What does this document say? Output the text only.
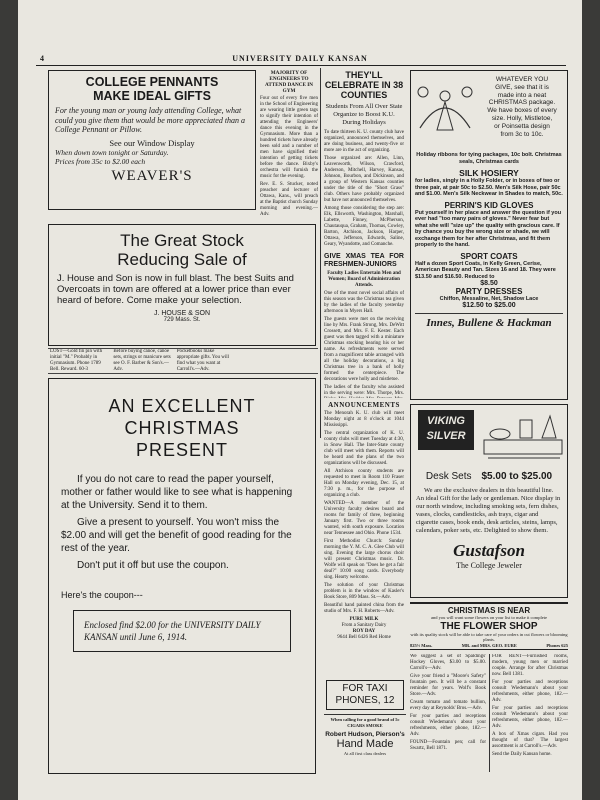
4	UNIVERSITY DAILY KANSAN
COLLEGE PENNANTS
MAKE IDEAL GIFTS
For the young man or young lady attending College, what could you give them that would be more appreciated than a College Pennant or Pillow.
See our Window Display
When down town tonight or Saturday.
Prices from 35c to $2.00 each
WEAVER'S
MAJORITY OF ENGINEERS TO ATTEND DANCE IN GYM

Four out of every five men in the School of Engineering are wearing little green tags to signify their intention of attending the Engineers' dance this evening in the Gymnasium. More than a hundred tickets have already been sold and a number of men have signified their intention of getting tickets before the dance. Bixby's orchestra will furnish the music for the evening.

Rev. E. S. Stucker, noted preacher and lecturer of Ottawa, Kans., will preach at the Baptist church Sunday morning and evening.—Adv.

THEY'LL CELEBRATE IN 38 COUNTIES
Students From All Over State Organize to Boost K.U. During Holidays

To date thirteen K. U. county club have organized, announced themselves, and are doing business, and twenty-five or more are in the act of organizing.

Those organized are: Allen, Linn, Leavenworth, Wilson, Crawford, Anderson, Mitchell, Harvey, Kansas, Johnson, Bourbon, and Dickinson, and a group of Western Kansas counties under the title of the "Short Grass" club. Others have probably organized but have not announced themselves.

Among those considering the step are: Elk, Ellsworth, Washington, Marshall, Labette, Finney, McPherson, Chautauqua, Graham, Thomas, Cowley, Barton, Atchison, Jackson, Harper, Ottawa, Jefferson, Edwards, Saline, Geary, Wyandotte, and Comanche.

GIVE XMAS TEA FOR FRESHMEN-JUNIORS
Faculty Ladies Entertain Men and Women; Board of Administration Attends.

One of the most novel social affairs of this season was the Christmas tea given by the ladies of the faculty yesterday afternoon in Myers Hall.

The guests were met on the receiving line by Mrs. Frank Strong, Mrs. DeWitt Crossett, and Mrs. F. E. Kester. Each guest was then tagged with a miniature Christmas stocking bearing his or her name. As refreshments were served from a magnificent table arranged with all the holiday decorations, a big Christmas tree in a bank of holly formed the centerpiece. The decorations were holly and mistletoe.

The ladies of the faculty who assisted in the serving were: Mrs. Thorpe, Mrs.

WHATEVER YOU
GIVE, see that it is
made into a neat
CHRISTMAS package.
We have boxes of every
size. Holly, Mistletoe,
or Poinsetta design
from 3c to 10c.
Holiday ribbons for tying packages, 10c bolt. Christmas seals, Christmas cards
SILK HOSIERY
for ladies, singly in a Holly Folder, or in boxes of two or three pair, at pair 50c to $2.50. Men's Silk Hose, pair 50c and $1.00. Men's Silk Neckwear in Shades to match, 50c.
PERRIN'S KID GLOVES
Put yourself in her place and answer the question if you ever had "too many pairs of gloves." Never fear but what she will "size up" the quality with gracious care. If by chance you buy the wrong size or shade, we will exchange them for her after Christmas, and fit them properly to the hand.
SPORT COATS
Half a dozen Sport Coats, in Kelly Green, Cerise, American Beauty and Tan. Sizes 16 and 18. They were $13.50 and $16.50. Reduced to
$8.50
PARTY DRESSES
Chiffon, Messaline, Net, Shadow Lace
$12.50 to $25.00
Innes, Bullene & Hackman
The Great Stock
Reducing Sale of
J. House and Son is now in full blast. The best Suits and Overcoats in town are offered at a lower price than ever heard of before. Come make your selection.
J. HOUSE & SON
729 Mass. St.
LOST—Gold fin pin with initial "M." Probably in Gymnasium. Phone 1789 Bell. Reward. 60-3 Before buying canoe, canoe sets, strings or manicure sets see O. F. Barber & Son's.—Adv. Pocketbooks make appropriate gifts. You will find what you want at Carroll's.—Adv.
AN EXCELLENT
CHRISTMAS
PRESENT
If you do not care to read the paper yourself, mother or father would like to see what is happening at the University. Send it to them.
Give a present to yourself. You won't miss the $2.00 and will get the benefit of good reading for the rest of the year.
Don't put it off but use the coupon.
Here's the coupon---
Enclosed find $2.00 for the UNIVERSITY DAILY KANSAN until June 6, 1914.
ANNOUNCEMENTS

The Menorah K. U. club will meet Monday night at 8 o'clock at 1044 Mississippi.

The central organization of K. U. county clubs will meet Tuesday at 4:30, in Snow Hall. The Inter-State county club will meet with them. Reports will be heard and the plans of the two organizations will be discussed.

All Atchison county students are requested to meet in Room 110 Fraser Hall on Monday evening, Dec. 15, at 7:30 p. m., for the purpose of organizing a club.

WANTED—A member of the University faculty desires board and rooms for family of three, beginning January first. Two or three rooms wanted, with south exposure. Location near Tennessee and Ohio. Phone 1534.

First Methodist Church: Sunday morning the Y. M. C. A. Glee Club will sing. Evening the large chorus choir will present Christmas music. Dr. Wolfe will speak on "Does he get a fair deal?" 10:00 song cards. Everybody sing. Hearty welcome.

The solution of your Christmas problem is in the window of Kasler's Book Store, 809 Mass. St.—Adv.

Beautiful hand painted china from the studio of Mrs. F. H. Roberts—Adv.

PURE MILK
From a Sanitary Dairy
ROY DAY
9644 Bell 6426 Red Home
FOR TAXI
PHONES, 12
When calling for a good brand of 5c CIGARS SMOKE
Robert Hudson, Pierson's
Hand Made
At all first class dealers
VIKING
SILVER
Desk Sets $5.00 to $25.00
We are the exclusive dealers in this beautiful line. An ideal Gift for the lady or gentleman. Nice display in our north window, including smoking sets, fern dishes, vases, clocks, candlesticks, ash trays, cigar and cigarette cases, book ends, desk articles, steins, lamps, calendars, poker sets, etc. Delighted to show them.
Gustafson
The College Jeweler
CHRISTMAS IS NEAR
and you will want some flowers on your list to make it complete
THE FLOWER SHOP
with its quality stock will be able to take care of your orders in cut flowers or blooming plants.
825½ Mass.	MR. and MRS. GEO. EURE	Phones 625

We suggest a set of Spaldings' Hockey Gloves, $3.00 to $5.00. Carroll's—Adv.

Give your friend a "Moore's Safety" fountain pen. It will be a constant reminder for years. Wolf's Book Store.—Adv.

Cream tomato and tomato bullion, every day at Reynolds' Bros.—Adv.

For your parties and receptions consult Wiedemann's about your refreshments, either phone, 182.—Adv.

FOUND—Fountain pen; call for Swartz, Bell 1871.

FOR RENT—Furnished rooms, modern, young men or married couple. Arrange for after Christmas now. Bell 1381.

For your parties and receptions consult Wiedemann's about your refreshments, either phone, 182.—Adv.

For your parties and receptions consult Wiedemann's about your refreshments, either phone, 182.—Adv.

A box of Xmas cigars. Had you thought of that? The largest assortment is at Carroll's.—Adv.

Send the Daily Kansan home.
